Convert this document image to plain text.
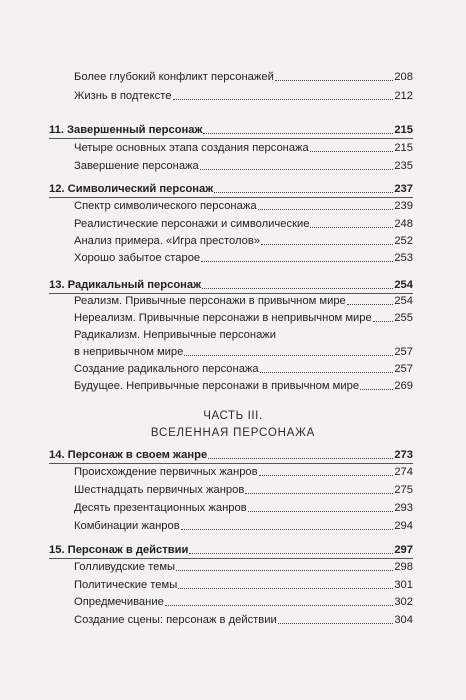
Более глубокий конфликт персонажей	208
Жизнь в подтексте	212
11. Завершенный персонаж	215
Четыре основных этапа создания персонажа	215
Завершение персонажа	235
12. Символический персонаж	237
Спектр символического персонажа	239
Реалистические персонажи и символические	248
Анализ примера. «Игра престолов»	252
Хорошо забытое старое	253
13. Радикальный персонаж	254
Реализм. Привычные персонажи в привычном мире	254
Нереализм. Привычные персонажи в непривычном мире 255
Радикализм. Непривычные персонажи
в непривычном мире	257
Создание радикального персонажа	257
Будущее. Непривычные персонажи в привычном мире	269
ЧАСТЬ III.
ВСЕЛЕННАЯ ПЕРСОНАЖА
14. Персонаж в своем жанре	273
Происхождение первичных жанров	274
Шестнадцать первичных жанров	275
Десять презентационных жанров	293
Комбинации жанров	294
15. Персонаж в действии	297
Голливудские темы	298
Политические темы	301
Опредмечивание	302
Создание сцены: персонаж в действии	304
